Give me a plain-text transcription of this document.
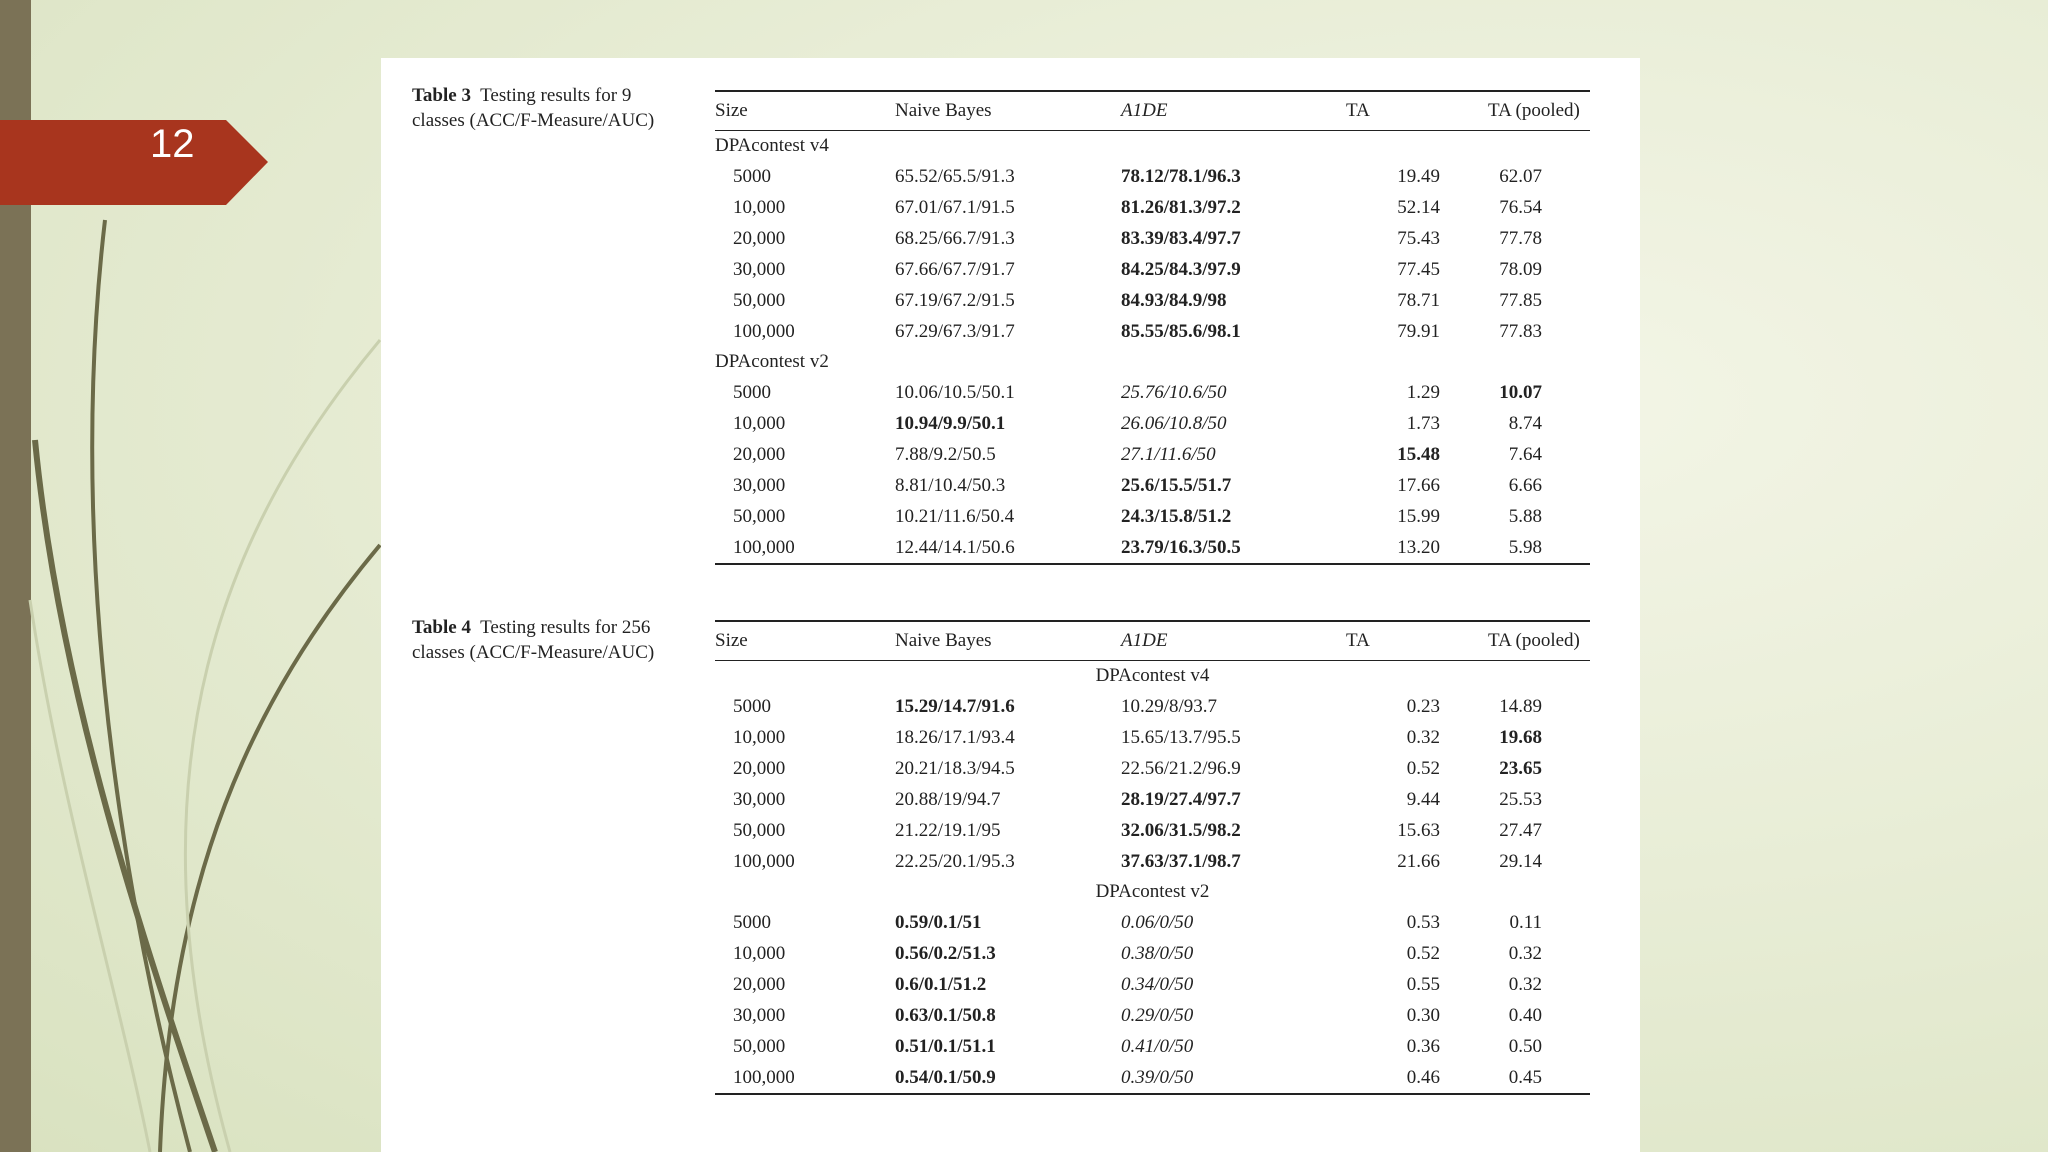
12
Table 3 Testing results for 9 classes (ACC/F-Measure/AUC)	Size	Naive Bayes	A1DE	TA	TA (pooled)
DPAcontest v4				
5000	65.52/65.5/91.3	78.12/78.1/96.3	19.49	62.07
10,000	67.01/67.1/91.5	81.26/81.3/97.2	52.14	76.54
20,000	68.25/66.7/91.3	83.39/83.4/97.7	75.43	77.78
30,000	67.66/67.7/91.7	84.25/84.3/97.9	77.45	78.09
50,000	67.19/67.2/91.5	84.93/84.9/98	78.71	77.85
100,000	67.29/67.3/91.7	85.55/85.6/98.1	79.91	77.83
DPAcontest v2				
5000	10.06/10.5/50.1	25.76/10.6/50	1.29	10.07
10,000	10.94/9.9/50.1	26.06/10.8/50	1.73	8.74
20,000	7.88/9.2/50.5	27.1/11.6/50	15.48	7.64
30,000	8.81/10.4/50.3	25.6/15.5/51.7	17.66	6.66
50,000	10.21/11.6/50.4	24.3/15.8/51.2	15.99	5.88
100,000	12.44/14.1/50.6	23.79/16.3/50.5	13.20	5.98
Table 4 Testing results for 256 classes (ACC/F-Measure/AUC)
Size	Naive Bayes	A1DE	TA	TA (pooled)
DPAcontest v4				
5000	15.29/14.7/91.6	10.29/8/93.7	0.23	14.89
10,000	18.26/17.1/93.4	15.65/13.7/95.5	0.32	19.68
20,000	20.21/18.3/94.5	22.56/21.2/96.9	0.52	23.65
30,000	20.88/19/94.7	28.19/27.4/97.7	9.44	25.53
50,000	21.22/19.1/95	32.06/31.5/98.2	15.63	27.47
100,000	22.25/20.1/95.3	37.63/37.1/98.7	21.66	29.14
DPAcontest v2				
5000	0.59/0.1/51	0.06/0/50	0.53	0.11
10,000	0.56/0.2/51.3	0.38/0/50	0.52	0.32
20,000	0.6/0.1/51.2	0.34/0/50	0.55	0.32
30,000	0.63/0.1/50.8	0.29/0/50	0.30	0.40
50,000	0.51/0.1/51.1	0.41/0/50	0.36	0.50
100,000	0.54/0.1/50.9	0.39/0/50	0.46	0.45
